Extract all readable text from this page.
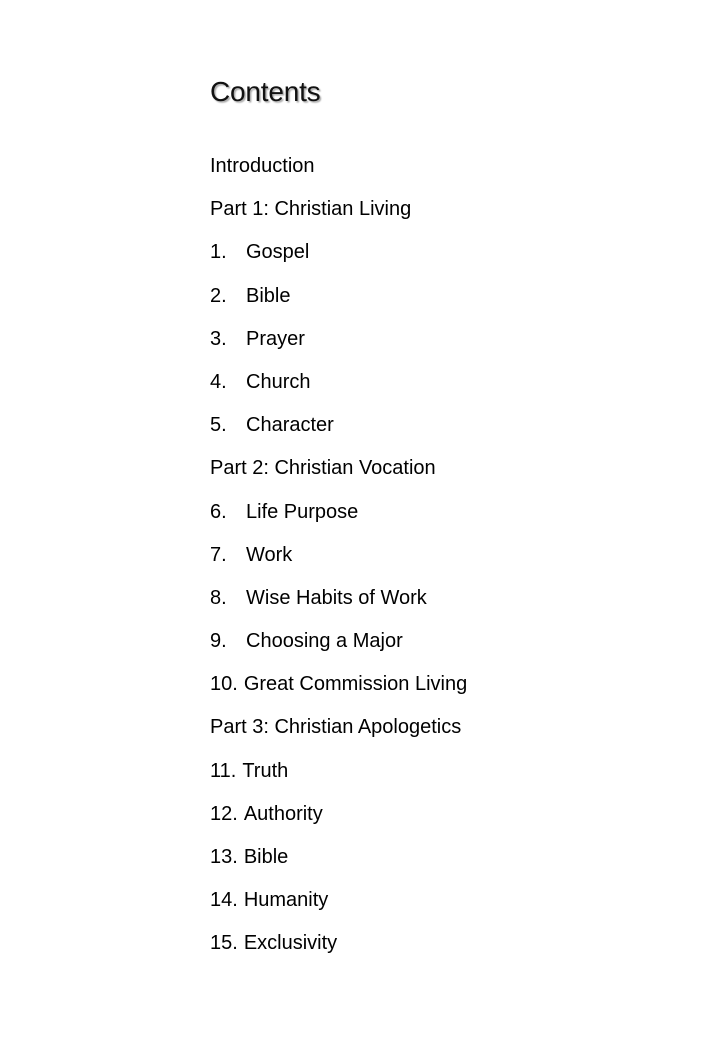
Contents
Introduction
Part 1: Christian Living
1. Gospel
2. Bible
3. Prayer
4. Church
5. Character
Part 2: Christian Vocation
6. Life Purpose
7. Work
8. Wise Habits of Work
9. Choosing a Major
10. Great Commission Living
Part 3: Christian Apologetics
11. Truth
12. Authority
13. Bible
14. Humanity
15. Exclusivity
